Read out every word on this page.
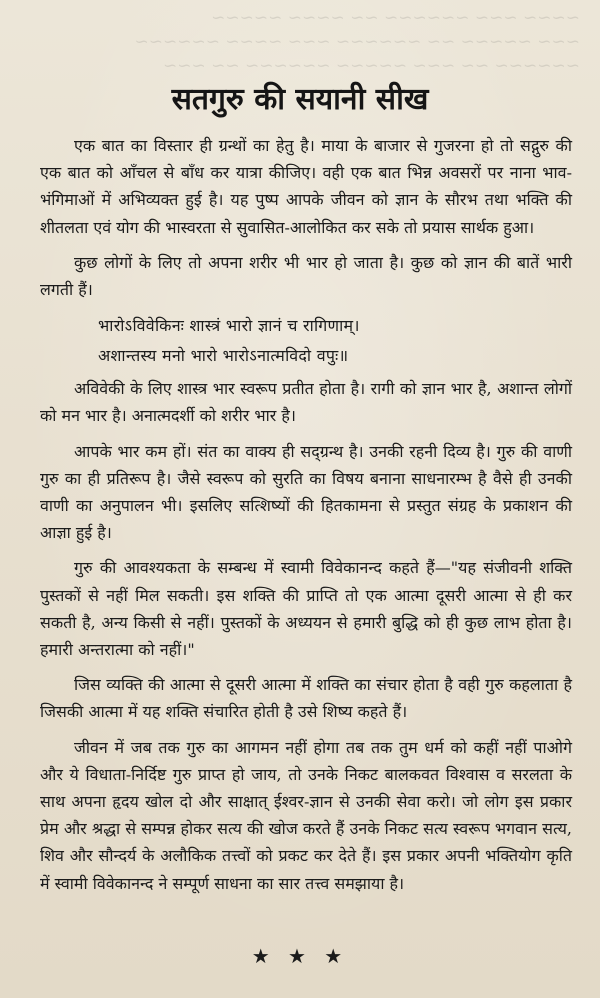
~~~~ ~~~ ~~~~~~ ~~ ~~~~ ~~~~~
~~~ ~~~~~ ~~ ~~~~~~ ~~~ ~~~~ ~~~~~~
~~~~~~ ~~ ~~~ ~~~~~ ~~~~~~ ~~ ~~~
सतगुरु की सयानी सीख

एक बात का विस्तार ही ग्रन्थों का हेतु है। माया के बाजार से गुजरना हो तो सद्गुरु की एक बात को आँचल से बाँध कर यात्रा कीजिए। वही एक बात भिन्न अवसरों पर नाना भाव-भंगिमाओं में अभिव्यक्त हुई है। यह पुष्प आपके जीवन को ज्ञान के सौरभ तथा भक्ति की शीतलता एवं योग की भास्वरता से सुवासित-आलोकित कर सके तो प्रयास सार्थक हुआ।

कुछ लोगों के लिए तो अपना शरीर भी भार हो जाता है। कुछ को ज्ञान की बातें भारी लगती हैं।

भारोऽविवेकिनः शास्त्रं भारो ज्ञानं च रागिणाम्।
अशान्तस्य मनो भारो भारोऽनात्मविदो वपुः॥

अविवेकी के लिए शास्त्र भार स्वरूप प्रतीत होता है। रागी को ज्ञान भार है, अशान्त लोगों को मन भार है। अनात्मदर्शी को शरीर भार है।

आपके भार कम हों। संत का वाक्य ही सद्ग्रन्थ है। उनकी रहनी दिव्य है। गुरु की वाणी गुरु का ही प्रतिरूप है। जैसे स्वरूप को सुरति का विषय बनाना साधनारम्भ है वैसे ही उनकी वाणी का अनुपालन भी। इसलिए सत्शिष्यों की हितकामना से प्रस्तुत संग्रह के प्रकाशन की आज्ञा हुई है।

गुरु की आवश्यकता के सम्बन्ध में स्वामी विवेकानन्द कहते हैं—"यह संजीवनी शक्ति पुस्तकों से नहीं मिल सकती। इस शक्ति की प्राप्ति तो एक आत्मा दूसरी आत्मा से ही कर सकती है, अन्य किसी से नहीं। पुस्तकों के अध्ययन से हमारी बुद्धि को ही कुछ लाभ होता है। हमारी अन्तरात्मा को नहीं।"

जिस व्यक्ति की आत्मा से दूसरी आत्मा में शक्ति का संचार होता है वही गुरु कहलाता है जिसकी आत्मा में यह शक्ति संचारित होती है उसे शिष्य कहते हैं।

जीवन में जब तक गुरु का आगमन नहीं होगा तब तक तुम धर्म को कहीं नहीं पाओगे और ये विधाता-निर्दिष्ट गुरु प्राप्त हो जाय, तो उनके निकट बालकवत विश्वास व सरलता के साथ अपना हृदय खोल दो और साक्षात् ईश्वर-ज्ञान से उनकी सेवा करो। जो लोग इस प्रकार प्रेम और श्रद्धा से सम्पन्न होकर सत्य की खोज करते हैं उनके निकट सत्य स्वरूप भगवान सत्य, शिव और सौन्दर्य के अलौकिक तत्त्वों को प्रकट कर देते हैं। इस प्रकार अपनी भक्तियोग कृति में स्वामी विवेकानन्द ने सम्पूर्ण साधना का सार तत्त्व समझाया है।

★ ★ ★
